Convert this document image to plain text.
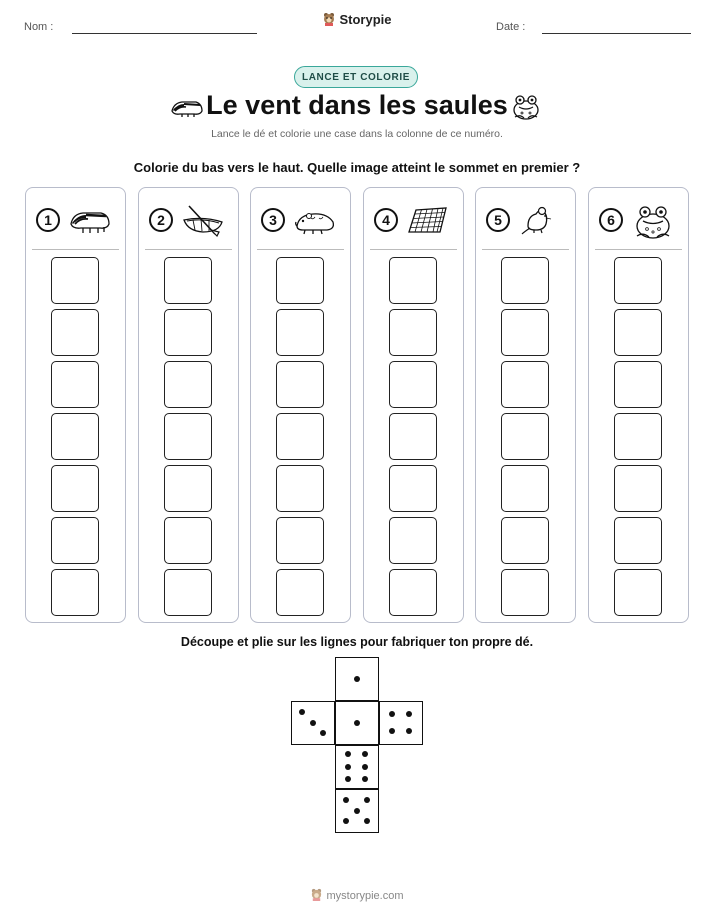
Nom :	Storypie	Date :
LANCE ET COLORIE
Le vent dans les saules
Lance le dé et colorie une case dans la colonne de ce numéro.
Colorie du bas vers le haut. Quelle image atteint le sommet en premier ?
1	2	3	4	5	6
Découpe et plie sur les lignes pour fabriquer ton propre dé.
mystorypie.com
